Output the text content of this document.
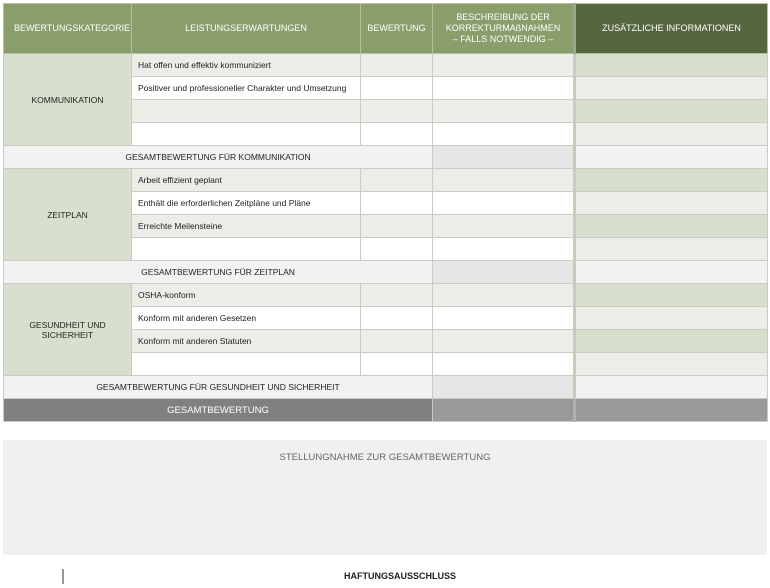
BEWERTUNGSKATEGORIE	LEISTUNGSERWARTUNGEN	BEWERTUNG	BESCHREIBUNG DER
KORREKTURMAßNAHMEN
– FALLS NOTWENDIG –	ZUSÄTZLICHE INFORMATIONEN
KOMMUNIKATION	Hat offen und effektiv kommuniziert			
	Positiver und professioneller Charakter und Umsetzung			

GESAMTBEWERTUNG FÜR KOMMUNIKATION				
ZEITPLAN	Arbeit effizient geplant			
	Enthält die erforderlichen Zeitpläne und Pläne			
	Erreichte Meilensteine			

GESAMTBEWERTUNG FÜR ZEITPLAN				
GESUNDHEIT UND SICHERHEIT	OSHA-konform			
	Konform mit anderen Gesetzen			
	Konform mit anderen Statuten			

GESAMTBEWERTUNG FÜR GESUNDHEIT UND SICHERHEIT				
GESAMTBEWERTUNG				
STELLUNGNAHME ZUR GESAMTBEWERTUNG
HAFTUNGSAUSSCHLUSS
